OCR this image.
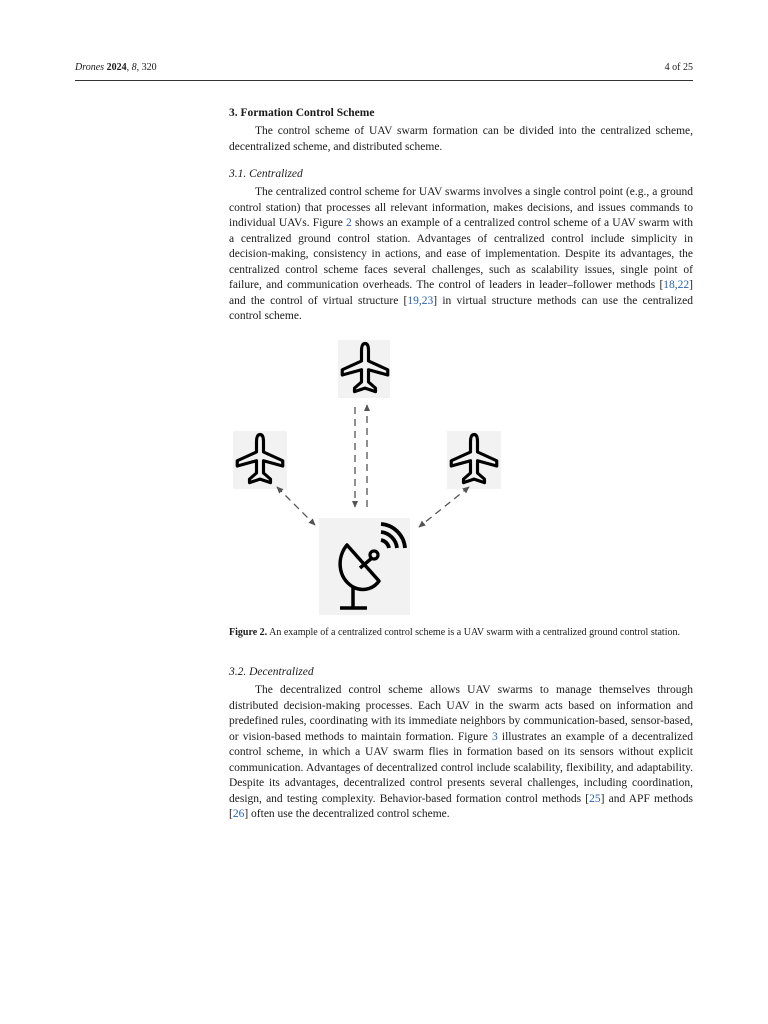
Drones 2024, 8, 320	4 of 25
3. Formation Control Scheme

The control scheme of UAV swarm formation can be divided into the centralized scheme, decentralized scheme, and distributed scheme.

3.1. Centralized

The centralized control scheme for UAV swarms involves a single control point (e.g., a ground control station) that processes all relevant information, makes decisions, and issues commands to individual UAVs. Figure 2 shows an example of a centralized control scheme of a UAV swarm with a centralized ground control station. Advantages of centralized control include simplicity in decision-making, consistency in actions, and ease of implementation. Despite its advantages, the centralized control scheme faces several challenges, such as scalability issues, single point of failure, and communication overheads. The control of leaders in leader–follower methods [18,22] and the control of virtual structure [19,23] in virtual structure methods can use the centralized control scheme.

Figure 2. An example of a centralized control scheme is a UAV swarm with a centralized ground control station.
3.2. Decentralized

The decentralized control scheme allows UAV swarms to manage themselves through distributed decision-making processes. Each UAV in the swarm acts based on information and predefined rules, coordinating with its immediate neighbors by communication-based, sensor-based, or vision-based methods to maintain formation. Figure 3 illustrates an example of a decentralized control scheme, in which a UAV swarm flies in formation based on its sensors without explicit communication. Advantages of decentralized control include scalability, flexibility, and adaptability. Despite its advantages, decentralized control presents several challenges, including coordination, design, and testing complexity. Behavior-based formation control methods [25] and APF methods [26] often use the decentralized control scheme.
